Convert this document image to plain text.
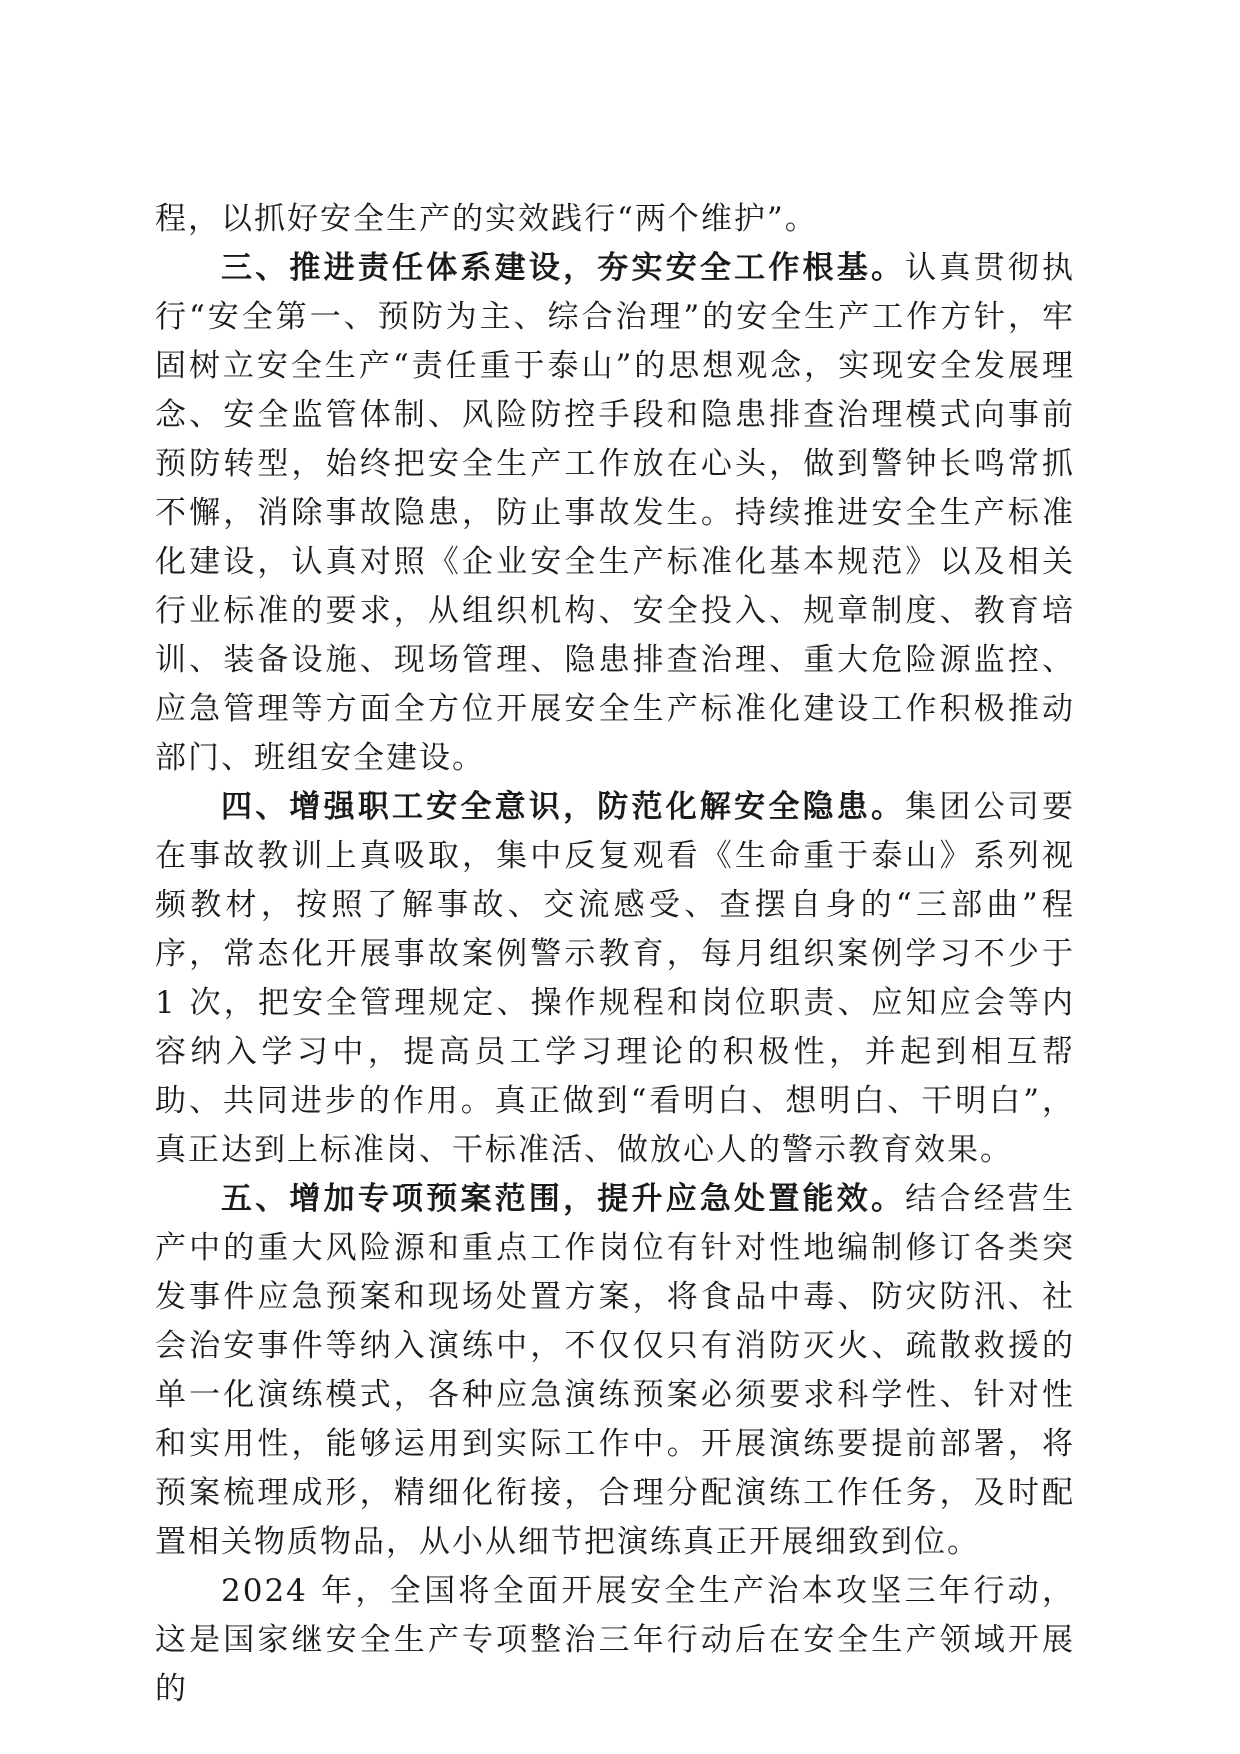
程，以抓好安全生产的实效践行“两个维护”。

三、推进责任体系建设，夯实安全工作根基。认真贯彻执行“安全第一、预防为主、综合治理”的安全生产工作方针，牢固树立安全生产“责任重于泰山”的思想观念，实现安全发展理念、安全监管体制、风险防控手段和隐患排查治理模式向事前预防转型，始终把安全生产工作放在心头，做到警钟长鸣常抓不懈，消除事故隐患，防止事故发生。持续推进安全生产标准化建设，认真对照《企业安全生产标准化基本规范》以及相关行业标准的要求，从组织机构、安全投入、规章制度、教育培训、装备设施、现场管理、隐患排查治理、重大危险源监控、应急管理等方面全方位开展安全生产标准化建设工作积极推动部门、班组安全建设。

四、增强职工安全意识，防范化解安全隐患。集团公司要在事故教训上真吸取，集中反复观看《生命重于泰山》系列视频教材，按照了解事故、交流感受、查摆自身的“三部曲”程序，常态化开展事故案例警示教育，每月组织案例学习不少于 1 次，把安全管理规定、操作规程和岗位职责、应知应会等内容纳入学习中，提高员工学习理论的积极性，并起到相互帮助、共同进步的作用。真正做到“看明白、想明白、干明白”，真正达到上标准岗、干标准活、做放心人的警示教育效果。

五、增加专项预案范围，提升应急处置能效。结合经营生产中的重大风险源和重点工作岗位有针对性地编制修订各类突发事件应急预案和现场处置方案，将食品中毒、防灾防汛、社会治安事件等纳入演练中，不仅仅只有消防灭火、疏散救援的单一化演练模式，各种应急演练预案必须要求科学性、针对性和实用性，能够运用到实际工作中。开展演练要提前部署，将预案梳理成形，精细化衔接，合理分配演练工作任务，及时配置相关物质物品，从小从细节把演练真正开展细致到位。

2024 年，全国将全面开展安全生产治本攻坚三年行动，这是国家继安全生产专项整治三年行动后在安全生产领域开展的
